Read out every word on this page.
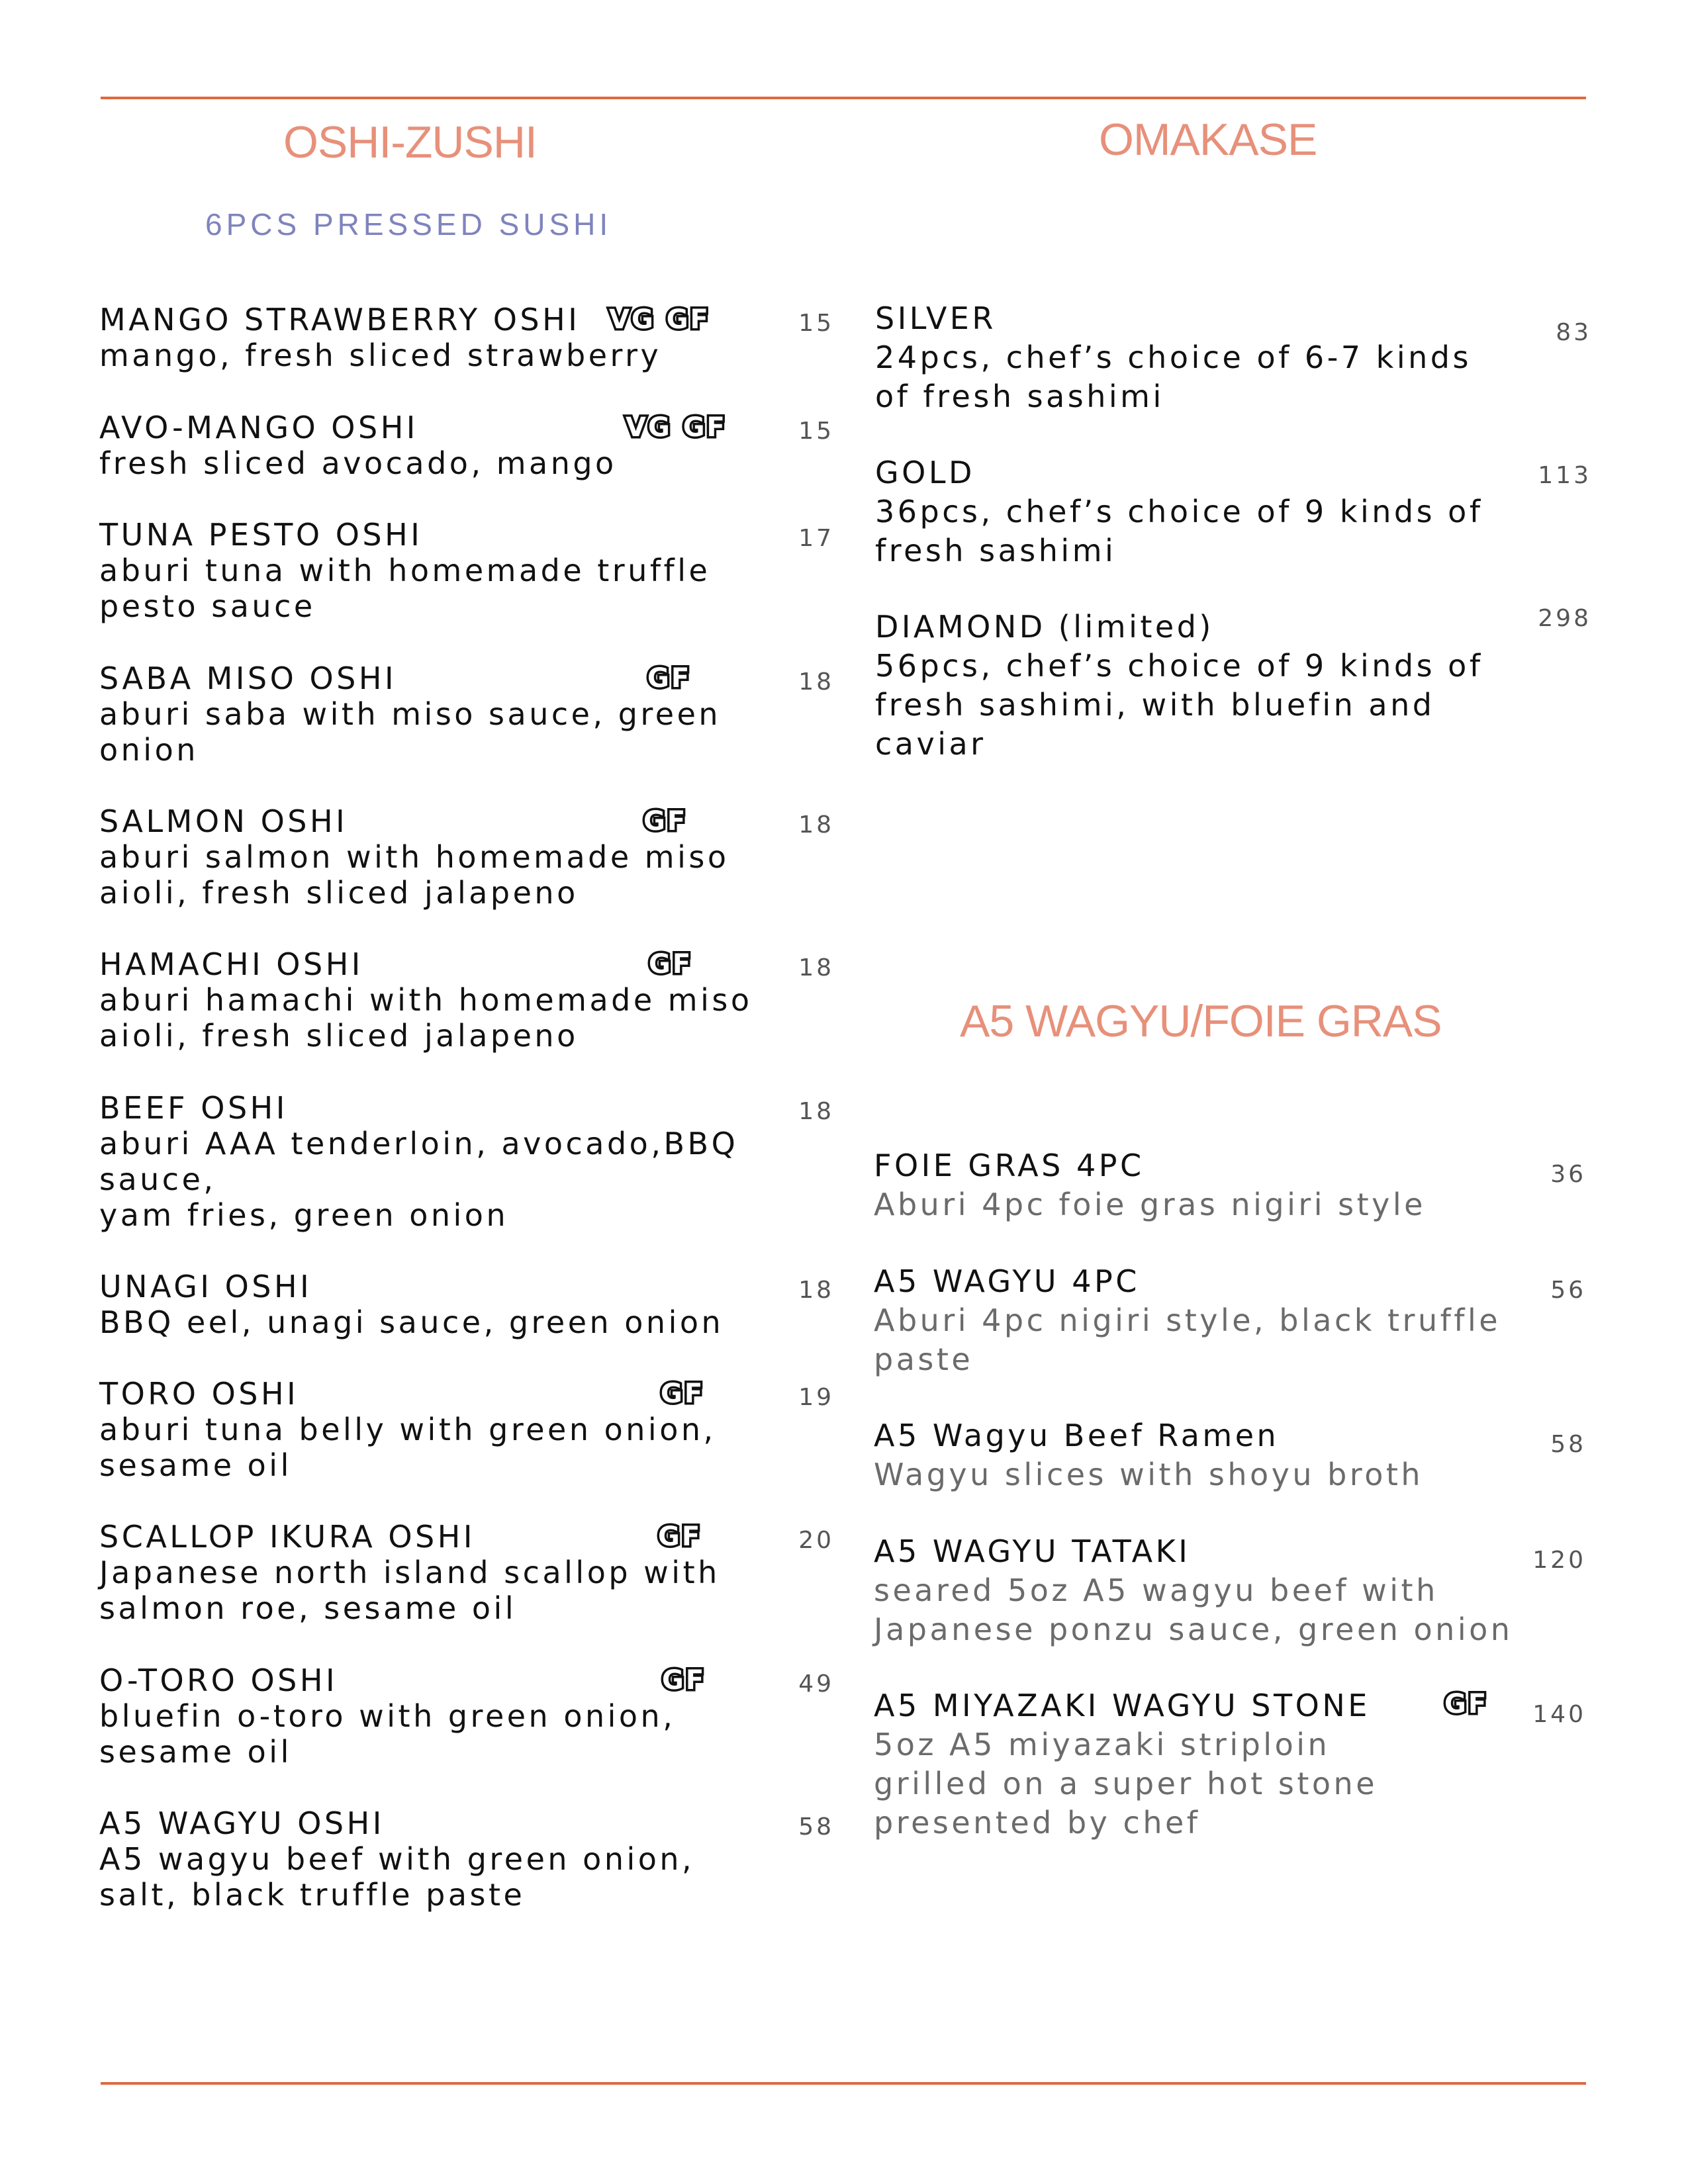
OSHI-ZUSHI
6PCS PRESSED SUSHI
OMAKASE
A5 WAGYU/FOIE GRAS
MANGO STRAWBERRY OSHI
mango, fresh sliced strawberry
VG GF	15
AVO-MANGO OSHI
fresh sliced avocado, mango
VG GF	15
TUNA PESTO OSHI
aburi tuna with homemade truffle
pesto sauce
17
SABA MISO OSHI
aburi saba with miso sauce, green
onion
GF	18
SALMON OSHI
aburi salmon with homemade miso
aioli, fresh sliced jalapeno
GF	18
HAMACHI OSHI
aburi hamachi with homemade miso
aioli, fresh sliced jalapeno
GF	18
BEEF OSHI
aburi AAA tenderloin, avocado,BBQ
sauce,
yam fries, green onion
18
UNAGI OSHI
BBQ eel, unagi sauce, green onion
18
TORO OSHI
aburi tuna belly with green onion,
sesame oil
GF	19
SCALLOP IKURA OSHI
Japanese north island scallop with
salmon roe, sesame oil
GF	20
O-TORO OSHI
bluefin o-toro with green onion,
sesame oil
GF	49
A5 WAGYU OSHI
A5 wagyu beef with green onion,
salt, black truffle paste
58
SILVER
24pcs, chef’s choice of 6-7 kinds
of fresh sashimi
83
GOLD
36pcs, chef’s choice of 9 kinds of
fresh sashimi
113
DIAMOND (limited)
56pcs, chef’s choice of 9 kinds of
fresh sashimi, with bluefin and
caviar
298
FOIE GRAS 4PC
Aburi 4pc foie gras nigiri style
36
A5 WAGYU 4PC
Aburi 4pc nigiri style, black truffle
paste
56
A5 Wagyu Beef Ramen
Wagyu slices with shoyu broth
58
A5 WAGYU TATAKI
seared 5oz A5 wagyu beef with
Japanese ponzu sauce, green onion
120
A5 MIYAZAKI WAGYU STONE
5oz A5 miyazaki striploin
grilled on a super hot stone
presented by chef
GF	140
